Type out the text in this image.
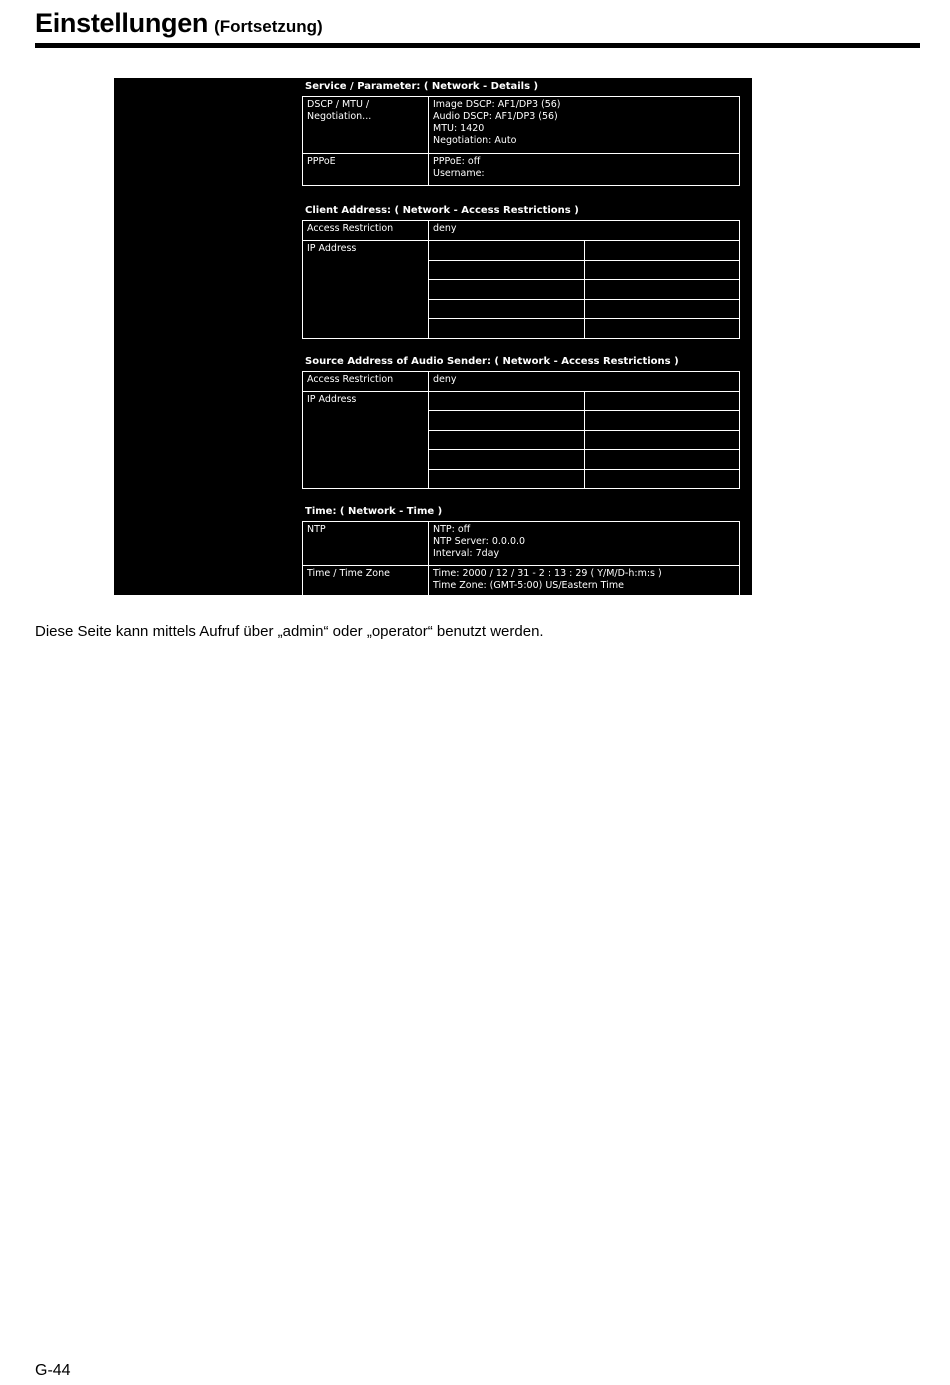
Einstellungen (Fortsetzung)
Service / Parameter: ( Network - Details )
DSCP / MTU /
Negotiation...	Image DSCP: AF1/DP3 (56)
Audio DSCP: AF1/DP3 (56)
MTU: 1420
Negotiation: Auto

PPPoE	PPPoE: off
Username:
Client Address: ( Network - Access Restrictions )
Access Restriction	deny	
IP Address		

Source Address of Audio Sender: ( Network - Access Restrictions )
Access Restriction	deny	
IP Address		

Time: ( Network - Time )
NTP	NTP: off
NTP Server: 0.0.0.0
Interval: 7day

Time / Time Zone	Time: 2000 / 12 / 31 - 2 : 13 : 29 ( Y/M/D-h:m:s )
Time Zone: (GMT-5:00) US/Eastern Time
Diese Seite kann mittels Aufruf über „admin“ oder „operator“ benutzt werden.
G-44
